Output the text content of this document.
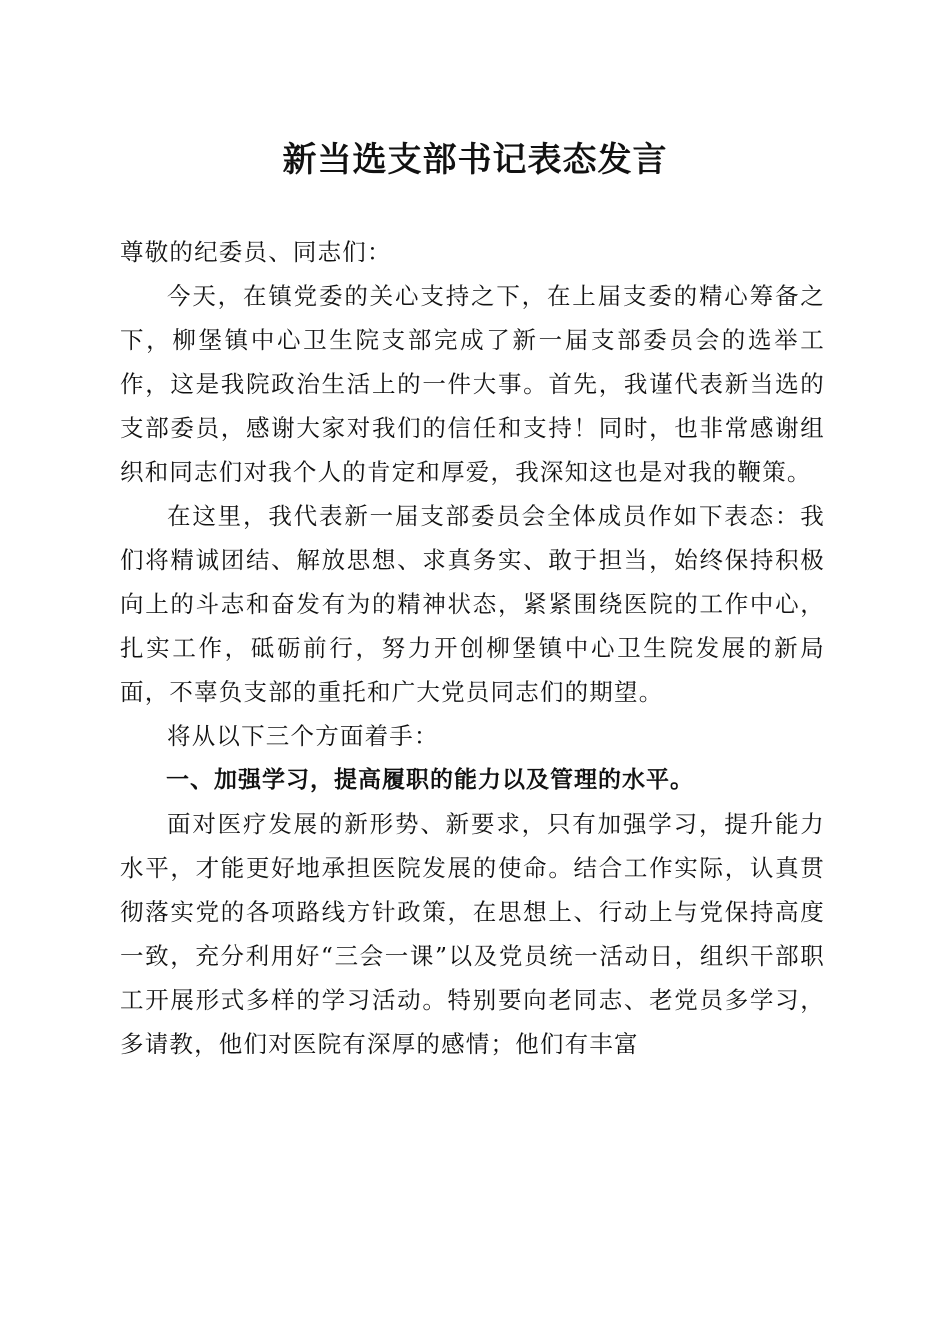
新当选支部书记表态发言

尊敬的纪委员、同志们：

今天，在镇党委的关心支持之下，在上届支委的精心筹备之下，柳堡镇中心卫生院支部完成了新一届支部委员会的选举工作，这是我院政治生活上的一件大事。首先，我谨代表新当选的支部委员，感谢大家对我们的信任和支持！同时，也非常感谢组织和同志们对我个人的肯定和厚爱，我深知这也是对我的鞭策。

在这里，我代表新一届支部委员会全体成员作如下表态：我们将精诚团结、解放思想、求真务实、敢于担当，始终保持积极向上的斗志和奋发有为的精神状态，紧紧围绕医院的工作中心，扎实工作，砥砺前行，努力开创柳堡镇中心卫生院发展的新局面，不辜负支部的重托和广大党员同志们的期望。

将从以下三个方面着手：

一、加强学习，提高履职的能力以及管理的水平。

面对医疗发展的新形势、新要求，只有加强学习，提升能力水平，才能更好地承担医院发展的使命。结合工作实际，认真贯彻落实党的各项路线方针政策，在思想上、行动上与党保持高度一致，充分利用好“三会一课”以及党员统一活动日，组织干部职工开展形式多样的学习活动。特别要向老同志、老党员多学习，多请教，他们对医院有深厚的感情；他们有丰富
